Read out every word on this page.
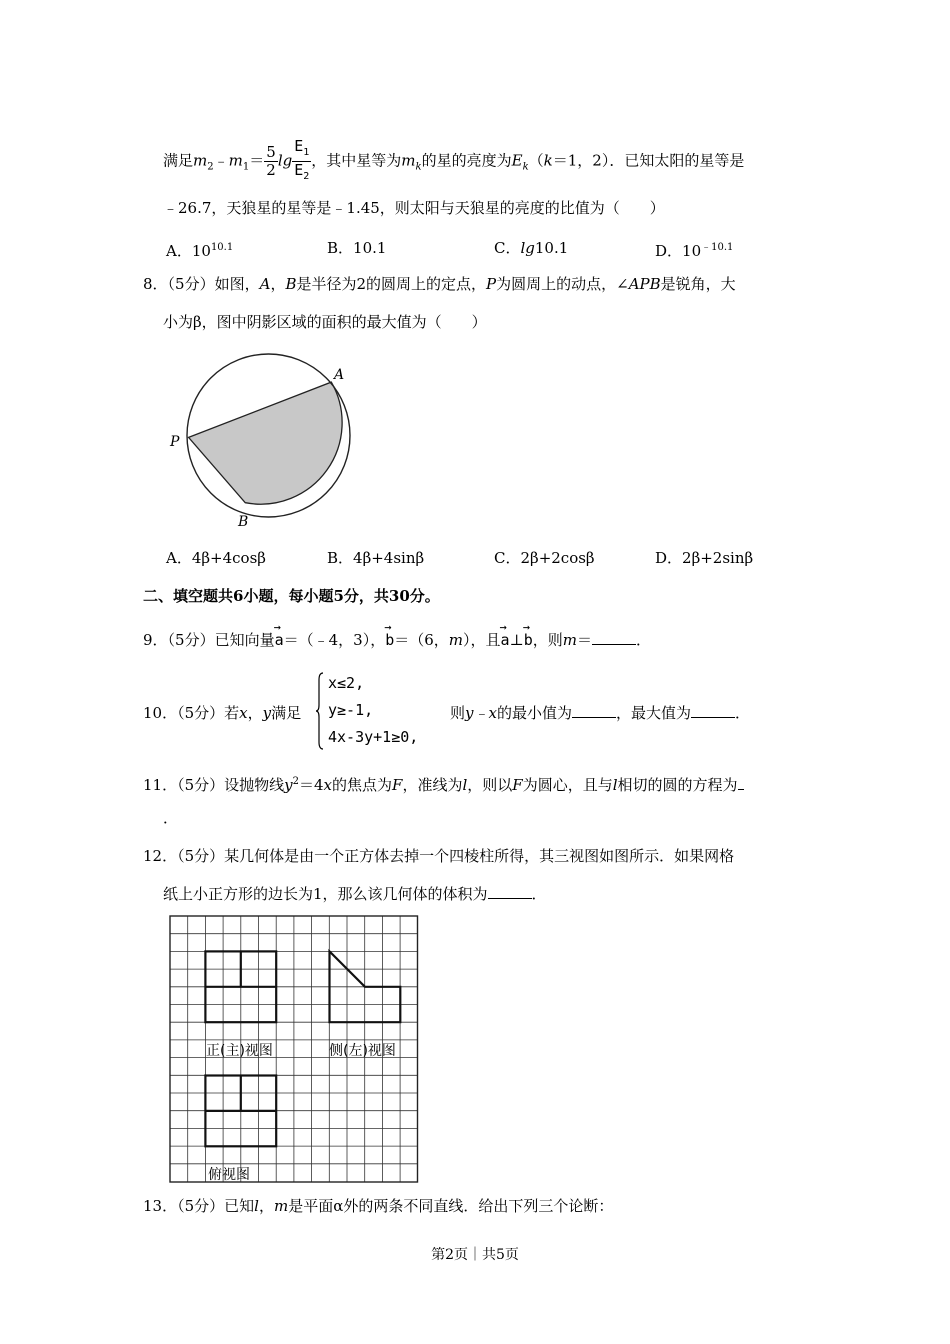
满足$m_2﹣m_1= \frac{5}{2}$ $\lg \frac{E_1}{E_2}$ ，其中星等为$m_k$的星的亮度为$E_k(k=1$，2）．已知太阳的星等是
﹣26.7，天狼星的星等是﹣1.45，则太阳与天狼星的亮度的比值为（　　）
A．$10^{10.1}$	B．10.1	C．lg10.1	D．$10^{﹣10.1}$
8．（5分）如图，A，B是半径为2的圆周上的定点，P为圆周上的动点，∠APB是锐角，大
小为β，图中阴影区域的面积的最大值为（　　）
A
P
B
A．4β+4cosβ	B．4β+4sinβ	C．2β+2cosβ	D．2β+2sinβ
二、填空题共6小题，每小题5分，共30分。
9．（5分）已知向量→ a＝（﹣4，3），→ b＝（6，m），且→ a⊥→ b，则m＝	．
10．（5分）若x，y满足
x≤2,
y≥-1,
4x-3y+1≥0,
则y﹣x的最小值为	，最大值为	．
11．（5分）设抛物线$y^2=4x$的焦点为F，准线为l，则以F为圆心，且与l相切的圆的方程为
．
12．（5分）某几何体是由一个正方体去掉一个四棱柱所得，其三视图如图所示．如果网格
纸上小正方形的边长为1，那么该几何体的体积为	．
正(主)视图	侧(左)视图
俯视图
13．（5分）已知l，m是平面α外的两条不同直线．给出下列三个论断：
第2页｜共5页
